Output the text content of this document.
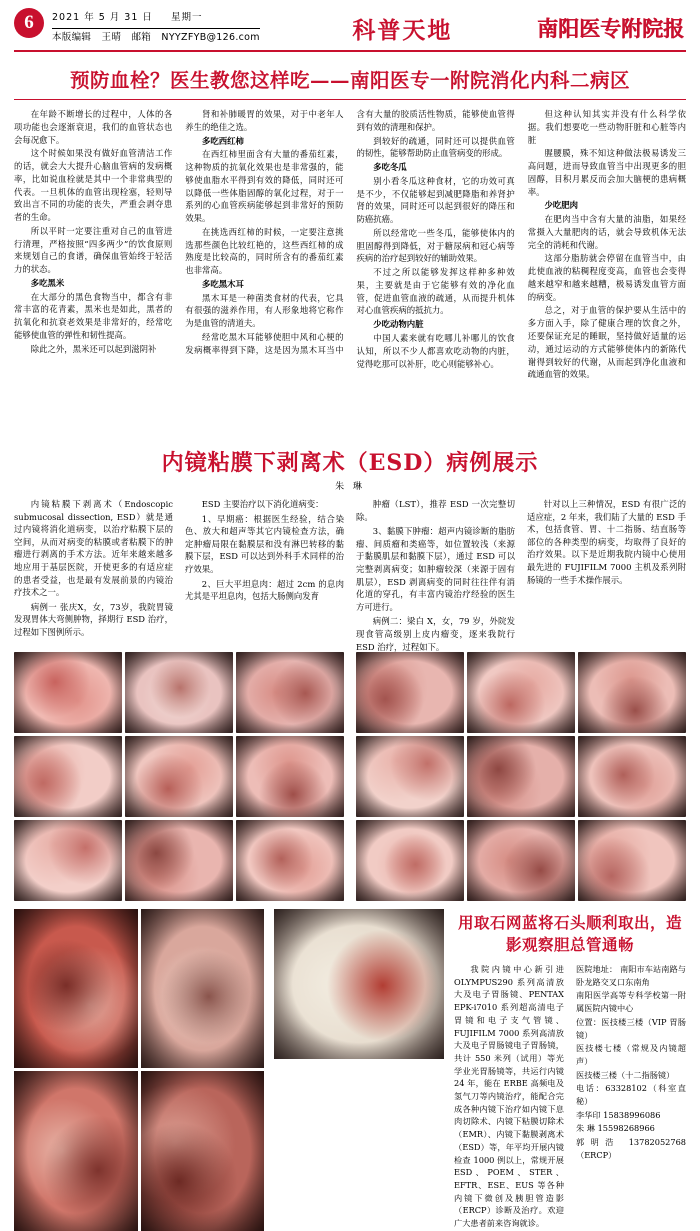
6	2021 年 5 月 31 日 星期一
本版编辑 王晴 邮箱 NYYZFYB@126.com	科普天地	南阳医专附院报
预防血栓？医生教您这样吃——南阳医专一附院消化内科二病区

在年龄不断增长的过程中，人体的各项功能也会逐渐衰退，我们的血管状态也会每况愈下。

这个时候如果没有做好血管清洁工作的话，就会大大提升心脑血管病的发病概率，比如说血栓就是其中一个非常典型的代表。一旦机体的血管出现栓塞，轻则导致出言不同的功能的丧失，严重会剥夺患者的生命。

所以平时一定要注重对自己的血管进行清理，严格按照“四多两少”的饮食原则来规划自己的食谱，确保血管始终于轻活力的状态。

多吃黑米

在大部分的黑色食物当中，都含有非常丰富的花青素，黑米也是如此，黑者的抗氧化和抗衰老效果是非常好的，经常吃能够使血管的弹性和韧性提高。

除此之外，黑米还可以起到滋阴补

肾和补肺暖胃的效果，对于中老年人养生的绝佳之选。

多吃西红柿

在西红柿里面含有大量的番茄红素，这种物质的抗氧化效果也是非常强的，能够使血脂水平得到有效的降低，同时还可以降低一些体脂固醇的氧化过程，对于一系列的心血管疾病能够起到非常好的预防效果。

在挑选西红柿的时候，一定要注意挑选那些颜色比较红艳的，这些西红柿的成熟度是比较高的，同时所含有的番茄红素也非常高。

多吃黑木耳

黑木耳是一种菌类食材的代表，它具有很强的滋养作用，有人形象地将它称作为是血管的清道夫。

经常吃黑木耳能够使胆中风和心梗的发病概率得到下降，这是因为黑木耳当中含有大量的胶质活性物质，能够使血管得到有效的清理和保护。

到较好的疏通，同时还可以提供血管的韧性，能够帮助防止血管病变的形成。

多吃冬瓜

别小看冬瓜这种食材，它的功效可真是不少，不仅能够起到减肥降脂和养肾护肾的效果，同时还可以起到很好的降压和防癌抗癌。

所以经常吃一些冬瓜，能够使体内的胆固醇得到降低，对于糖尿病和冠心病等疾病的治疗起到较好的辅助效果。

不过之所以能够发挥这样种多种效果，主要就是由于它能够有效的净化血管，促进血管血液的疏通，从而提升机体对心血管疾病的抵抗力。

少吃动物内脏

中国人素来就有吃哪儿补哪儿的饮食认知，所以不少人都喜欢吃动物的内脏，觉得吃那可以补肝，吃心则能够补心。

但这种认知其实并没有什么科学依据。我们想要吃一些动物肝脏和心脏等内脏

腥腰膜，殊不知这种做法极易诱发三高问题，进而导致血管当中出现更多的胆固醇，目积月累反而会加大脑梗的患病概率。

少吃肥肉

在肥肉当中含有大量的油脂，如果经常摄入大量肥肉的话，就会导致机体无法完全的消耗和代谢。

这部分脂肪就会停留在血管当中，由此使血液的粘稠程度变高，血管也会变得越来越窄和越来越糟，极易诱发血管方面的病变。

总之，对于血管的保护要从生活中的多方面入手，除了健康合理的饮食之外，还要保证充足的睡眠，坚持做好适量的运动，通过运动的方式能够使体内的新陈代谢得到较好的代谢，从而起到净化血液和疏通血管的效果。

内镜粘膜下剥离术（ESD）病例展示
朱 琳

内镜粘膜下剥离术（Endoscopic submucosal dissection, ESD）就是通过内镜将消化道病变，以治疗粘膜下层的空间，从而对病变的粘膜或者粘膜下的肿瘤进行剥离的手术方法。近年来越来越多地应用于基层医院，开使更多的有适应症的患者受益，也是最有发展前景的内镜治疗技术之一。

病例一 张庆X，女，73岁，我院胃镜发现胃体大弯侧肿物，择期行 ESD 治疗，过程如下图例所示。

ESD 主要治疗以下消化道病变：

1、早期癌：根据医生经验，结合染色、放大和超声等其它内镜检查方法，确定肿瘤局限在黏膜层和没有淋巴转移的黏膜下层，ESD 可以达到外科手术同样的治疗效果。

2、巨大平坦息肉：超过 2cm 的息肉尤其是平坦息肉，包括大肠侧向发育

肿瘤（LST），推荐 ESD 一次完整切除。

3、黏膜下肿瘤：超声内镜诊断的脂肪瘤、间质瘤和类癌等，如位置较浅（来源于黏膜肌层和黏膜下层），通过 ESD 可以完整剥离病变；如肿瘤较深（来源于固有肌层），ESD 剥离病变的同时往往伴有消化道的穿孔，有丰富内镜治疗经验的医生方可进行。

病例二：梁白 X，女，79 岁，外院发现食管高级别上皮内瘤变，逐来我院行 ESD 治疗，过程如下。

针对以上三种情况，ESD 有很广泛的适应症，2 年来，我们陆了大量的 ESD 手术，包括食管、胃、十二指肠、结直肠等部位的各种类型的病变，均取得了良好的治疗效果。以下是近期我院内镜中心使用最先进的 FUJIFILM 7000 主机及系列附肠镜的一些手术操作展示。

用取石网蓝将石头顺利取出，造影观察胆总管通畅

我院内镜中心新引进 OLYMPUS290 系列高清放大及电子胃肠镜、PENTAX EPK-i7010 系列超高清电子胃镜和电子支气管镜、FUJIFILM 7000 系列高清放大及电子胃肠镜电子胃肠镜，共计 550 米列（试用）等光学业光胃肠镜等，共运行内镜 24 年，能在 ERBE 高频电及氢气刀等内镜治疗，能配合完成各种内镜下治疗如内镜下息肉切除术、内镜下粘膜切除术（EMR）、内镜下黏膜剥离术（ESD）等，年平均开展内镜检查 1000 例以上，常规开展 ESD、POEM、STER、EFTR、ESE、EUS 等各种内镜下微创及胰胆管造影（ERCP）诊断及治疗。欢迎广大患者前来咨询就诊。

医院地址： 南阳市车站南路与卧龙路交叉口东南角

南阳医学高等专科学校第一附属医院内镜中心

位置：医技楼三楼（VIP 胃肠镜）

医技楼七楼（常规及内镜超声）

医技楼三楼（十二指肠镜）

电话：63328102（科室直秘）

李华印 15838996086

朱 琳 15598268966

郭明浩 13782052768（ERCP）
